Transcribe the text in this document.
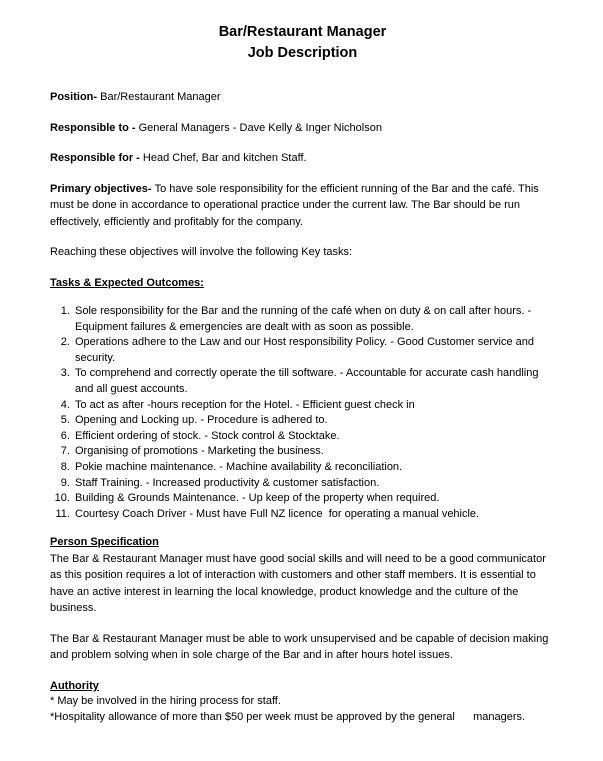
Bar/Restaurant Manager
Job Description

Position- Bar/Restaurant Manager

Responsible to - General Managers - Dave Kelly & Inger Nicholson

Responsible for - Head Chef, Bar and kitchen Staff.

Primary objectives- To have sole responsibility for the efficient running of the Bar and the café. This must be done in accordance to operational practice under the current law. The Bar should be run effectively, efficiently and profitably for the company.

Reaching these objectives will involve the following Key tasks:

Tasks & Expected Outcomes:

1. Sole responsibility for the Bar and the running of the café when on duty & on call after hours. - Equipment failures & emergencies are dealt with as soon as possible.
2. Operations adhere to the Law and our Host responsibility Policy. - Good Customer service and security.
3. To comprehend and correctly operate the till software. - Accountable for accurate cash handling and all guest accounts.
4. To act as after -hours reception for the Hotel. - Efficient guest check in
5. Opening and Locking up. - Procedure is adhered to.
6. Efficient ordering of stock. - Stock control & Stocktake.
7. Organising of promotions - Marketing the business.
8. Pokie machine maintenance. - Machine availability & reconciliation.
9. Staff Training. - Increased productivity & customer satisfaction.
10. Building & Grounds Maintenance. - Up keep of the property when required.
11. Courtesy Coach Driver - Must have Full NZ licence  for operating a manual vehicle.

Person Specification

The Bar & Restaurant Manager must have good social skills and will need to be a good communicator as this position requires a lot of interaction with customers and other staff members. It is essential to have an active interest in learning the local knowledge, product knowledge and the culture of the business.

The Bar & Restaurant Manager must be able to work unsupervised and be capable of decision making and problem solving when in sole charge of the Bar and in after hours hotel issues.

Authority

* May be involved in the hiring process for staff.

*Hospitality allowance of more than $50 per week must be approved by the general      managers.
